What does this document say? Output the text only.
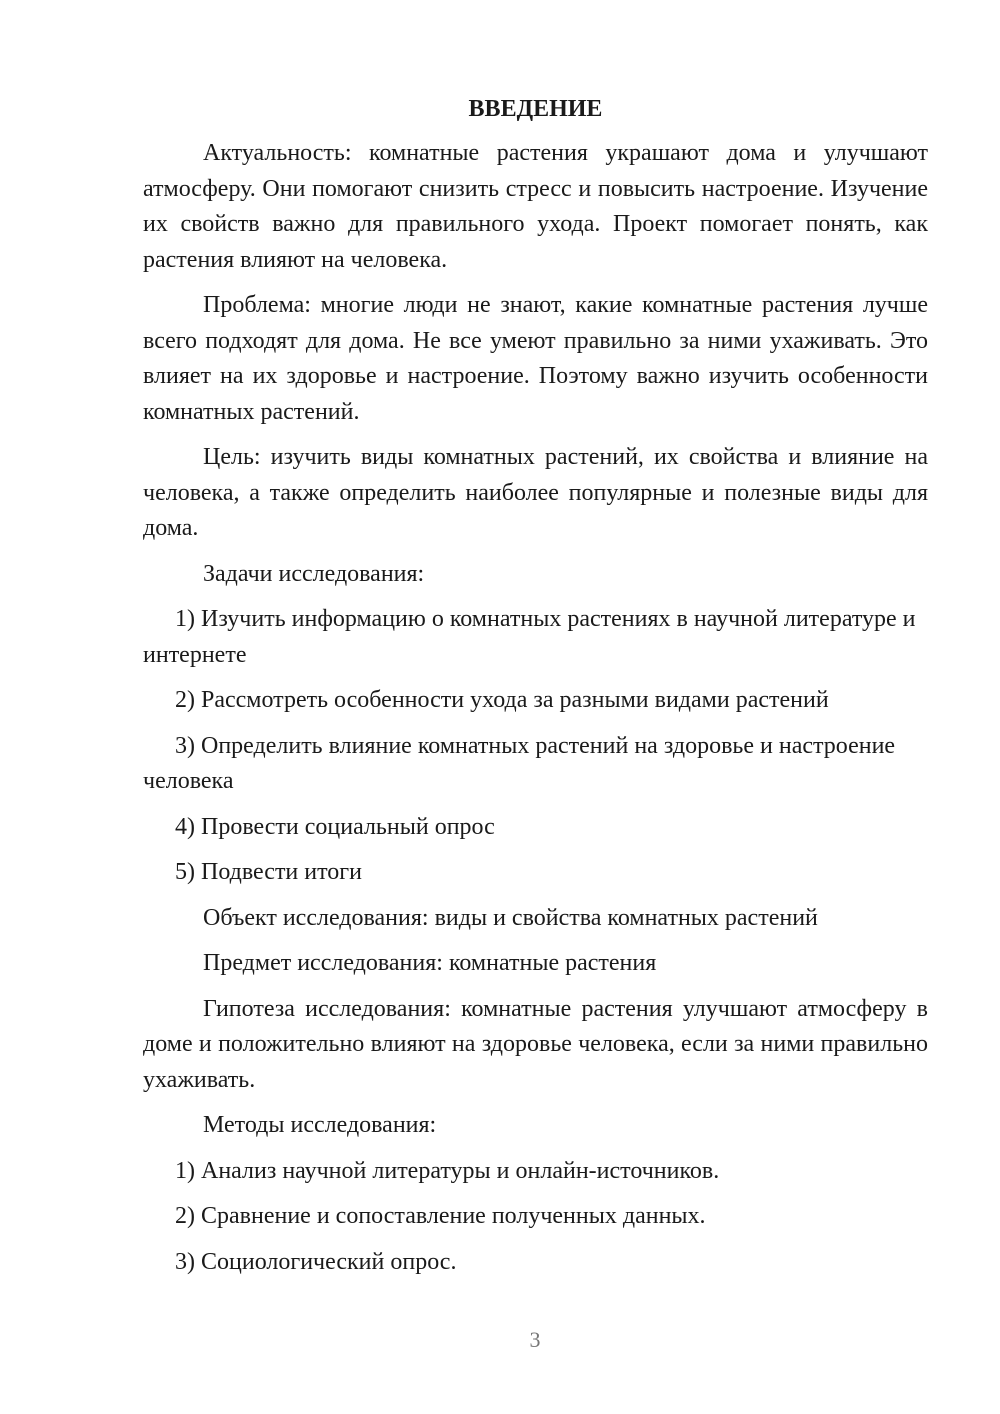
ВВЕДЕНИЕ

Актуальность: комнатные растения украшают дома и улучшают атмосферу. Они помогают снизить стресс и повысить настроение. Изучение их свойств важно для правильного ухода. Проект помогает понять, как растения влияют на человека.

Проблема: многие люди не знают, какие комнатные растения лучше всего подходят для дома. Не все умеют правильно за ними ухаживать. Это влияет на их здоровье и настроение. Поэтому важно изучить особенности комнатных растений.

Цель: изучить виды комнатных растений, их свойства и влияние на человека, а также определить наиболее популярные и полезные виды для дома.

Задачи исследования:

1) Изучить информацию о комнатных растениях в научной литературе и интернете

2) Рассмотреть особенности ухода за разными видами растений

3) Определить влияние комнатных растений на здоровье и настроение человека

4) Провести социальный опрос

5) Подвести итоги

Объект исследования: виды и свойства комнатных растений

Предмет исследования: комнатные растения

Гипотеза исследования: комнатные растения улучшают атмосферу в доме и положительно влияют на здоровье человека, если за ними правильно ухаживать.

Методы исследования:

1) Анализ научной литературы и онлайн-источников.

2) Сравнение и сопоставление полученных данных.

3) Социологический опрос.

3
